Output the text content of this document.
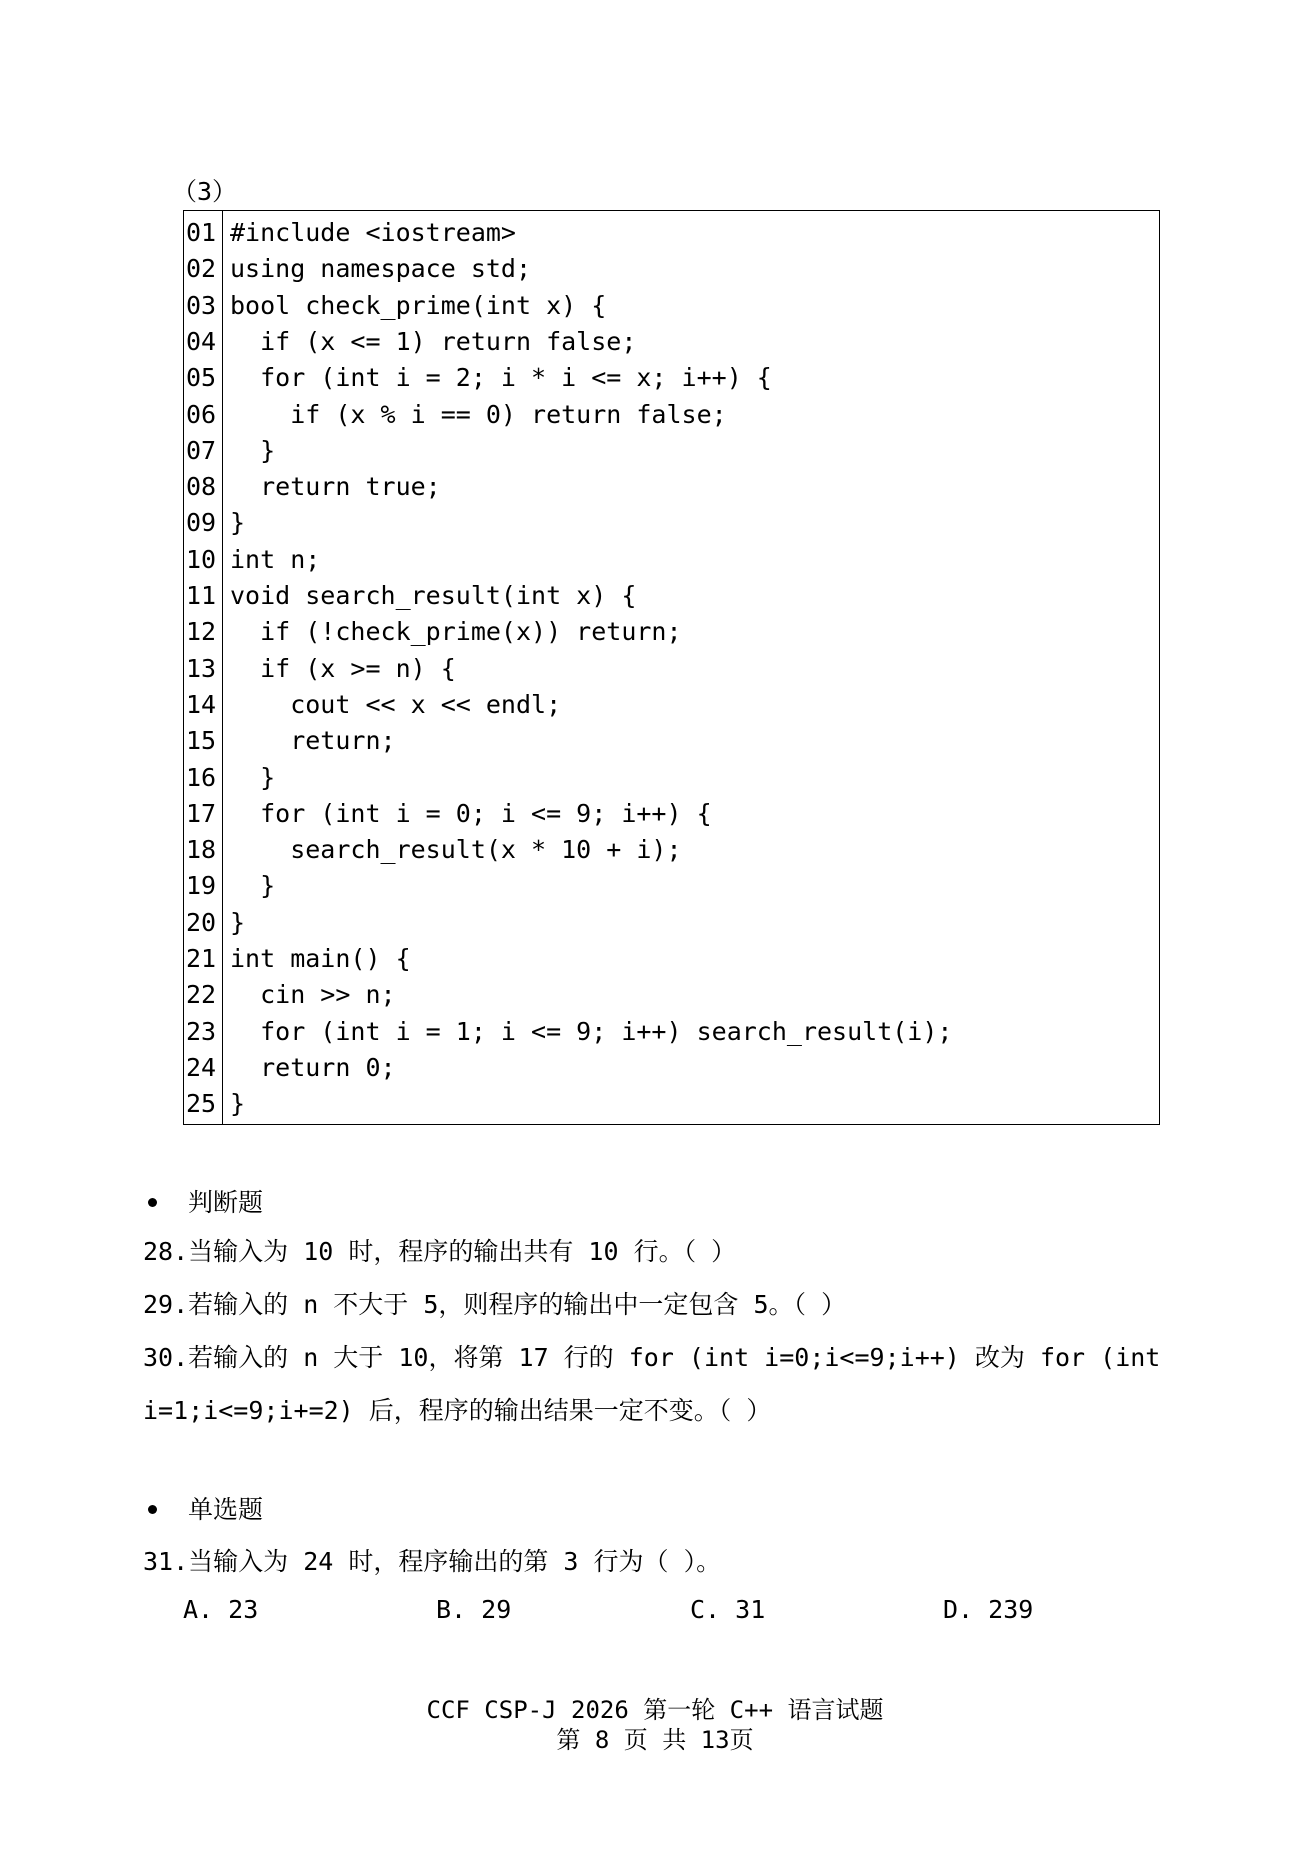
（3）
01 #include <iostream>
02 using namespace std;
03 bool check_prime(int x) {
04 if (x <= 1) return false;
05 for (int i = 2; i * i <= x; i++) {
06 if (x % i == 0) return false;
07 }
08 return true;
09 }
10 int n;
11 void search_result(int x) {
12 if (!check_prime(x)) return;
13 if (x >= n) {
14 cout << x << endl;
15 return;
16 }
17 for (int i = 0; i <= 9; i++) {
18 search_result(x * 10 + i);
19 }
20 }
21 int main() {
22 cin >> n;
23 for (int i = 1; i <= 9; i++) search_result(i);
24 return 0;
25 }
判断题
28.当输入为 10 时，程序的输出共有 10 行。（ ）
29.若输入的 n 不大于 5，则程序的输出中一定包含 5。（ ）
30.若输入的 n 大于 10，将第 17 行的 for (int i=0;i<=9;i++) 改为 for (int
i=1;i<=9;i+=2) 后，程序的输出结果一定不变。（ ）
单选题
31.当输入为 24 时，程序输出的第 3 行为（ ）。
A. 23	B. 29	C. 31	D. 239
CCF CSP-J 2026 第一轮 C++ 语言试题
第 8 页 共 13页
